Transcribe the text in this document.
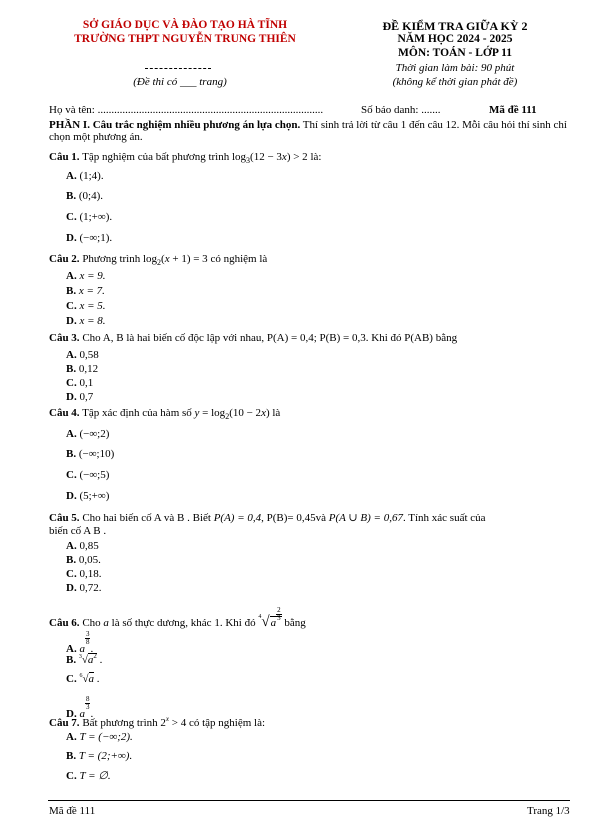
SỞ GIÁO DỤC VÀ ĐÀO TẠO HÀ TĨNH
TRƯỜNG THPT NGUYỄN TRUNG THIÊN
(Đề thi có ___ trang)
ĐỀ KIỂM TRA GIỮA KỲ 2
NĂM HỌC 2024 - 2025
MÔN: TOÁN - LỚP 11
Thời gian làm bài: 90 phút
(không kể thời gian phát đề)
Họ và tên: ..................................................................................	Số báo danh: .......	Mã đề 111
PHẦN I. Câu trắc nghiệm nhiều phương án lựa chọn. Thí sinh trả lời từ câu 1 đến câu 12. Mỗi câu hỏi thí sinh chỉ chọn một phương án.
Câu 1. Tập nghiệm của bất phương trình $\log_3(12 - 3x) > 2$ là:
A. (1;4).
B. (0;4).
C. (1;+∞).
D. (−∞;1).
Câu 2. Phương trình $\log_2(x + 1) = 3$ có nghiệm là
A. x = 9.
B. x = 7.
C. x = 5.
D. x = 8.
Câu 3. Cho A, B là hai biến cố độc lập với nhau, P(A) = 0,4; P(B) = 0,3. Khi đó P(AB) bằng
A. 0,58
B. 0,12
C. 0,1
D. 0,7
Câu 4. Tập xác định của hàm số $y = \log_2(10 - 2x)$ là
A. (−∞;2)
B. (−∞;10)
C. (−∞;5)
D. (5;+∞)
Câu 5. Cho hai biến cố A và B . Biết P(A) = 0,4, P(B)= 0,45và P(A ∪ B) = 0,67. Tính xác suất của
biến cố A B .
A. 0,85
B. 0,05.
C. 0,18.
D. 0,72.
Câu 6. Cho a là số thực dương, khác 1. Khi đó $^4$√a
$\frac{2}{3}$
bằng
A. a
$\frac{3}{8}$
.
B. $^3√a^2$ .
C. $^6$√a .
D. a
$\frac{8}{3}$
.
Câu 7. Bất phương trình $2^x > 4$ có tập nghiệm là:
A. T = (−∞;2).
B. T = (2;+∞).
C. T = ∅.
Mã đề 111	Trang 1/3
